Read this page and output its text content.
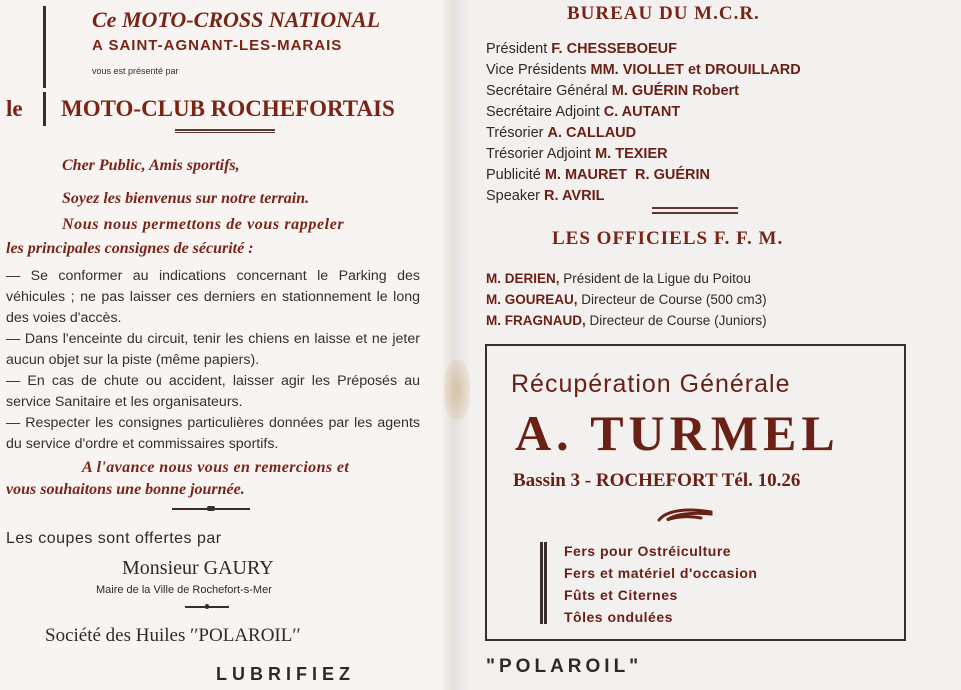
Ce MOTO-CROSS NATIONAL
A SAINT-AGNANT-LES-MARAIS
vous est présenté par
le MOTO-CLUB ROCHEFORTAIS
Cher Public, Amis sportifs,
Soyez les bienvenus sur notre terrain.
Nous nous permettons de vous rappeler
les principales consignes de sécurité :

— Se conformer au indications concernant le Parking des véhicules ; ne pas laisser ces derniers en stationnement le long des voies d'accès.

— Dans l'enceinte du circuit, tenir les chiens en laisse et ne jeter aucun objet sur la piste (même papiers).

— En cas de chute ou accident, laisser agir les Préposés au service Sanitaire et les organisateurs.

— Respecter les consignes particulières données par les agents du service d'ordre et commissaires sportifs.

A l'avance nous vous en remercions et
vous souhaitons une bonne journée.
Les coupes sont offertes par
Monsieur GAURY
Maire de la Ville de Rochefort-s-Mer
Société des Huiles ′′POLAROIL′′
LUBRIFIEZ
BUREAU DU M.C.R.
Président F. CHESSEBOEUF
Vice Présidents MM. VIOLLET et DROUILLARD
Secrétaire Général M. GUÉRIN Robert
Secrétaire Adjoint C. AUTANT
Trésorier A. CALLAUD
Trésorier Adjoint M. TEXIER
Publicité M. MAURET  R. GUÉRIN
Speaker R. AVRIL
LES OFFICIELS F. F. M.
M. DERIEN, Président de la Ligue du Poitou
M. GOUREAU, Directeur de Course (500 cm3)
M. FRAGNAUD, Directeur de Course (Juniors)
Récupération Générale
A. TURMEL
Bassin 3 - ROCHEFORT Tél. 10.26
Fers pour Ostréiculture
Fers et matériel d'occasion
Fûts et Citernes
Tôles ondulées
"POLAROIL"
